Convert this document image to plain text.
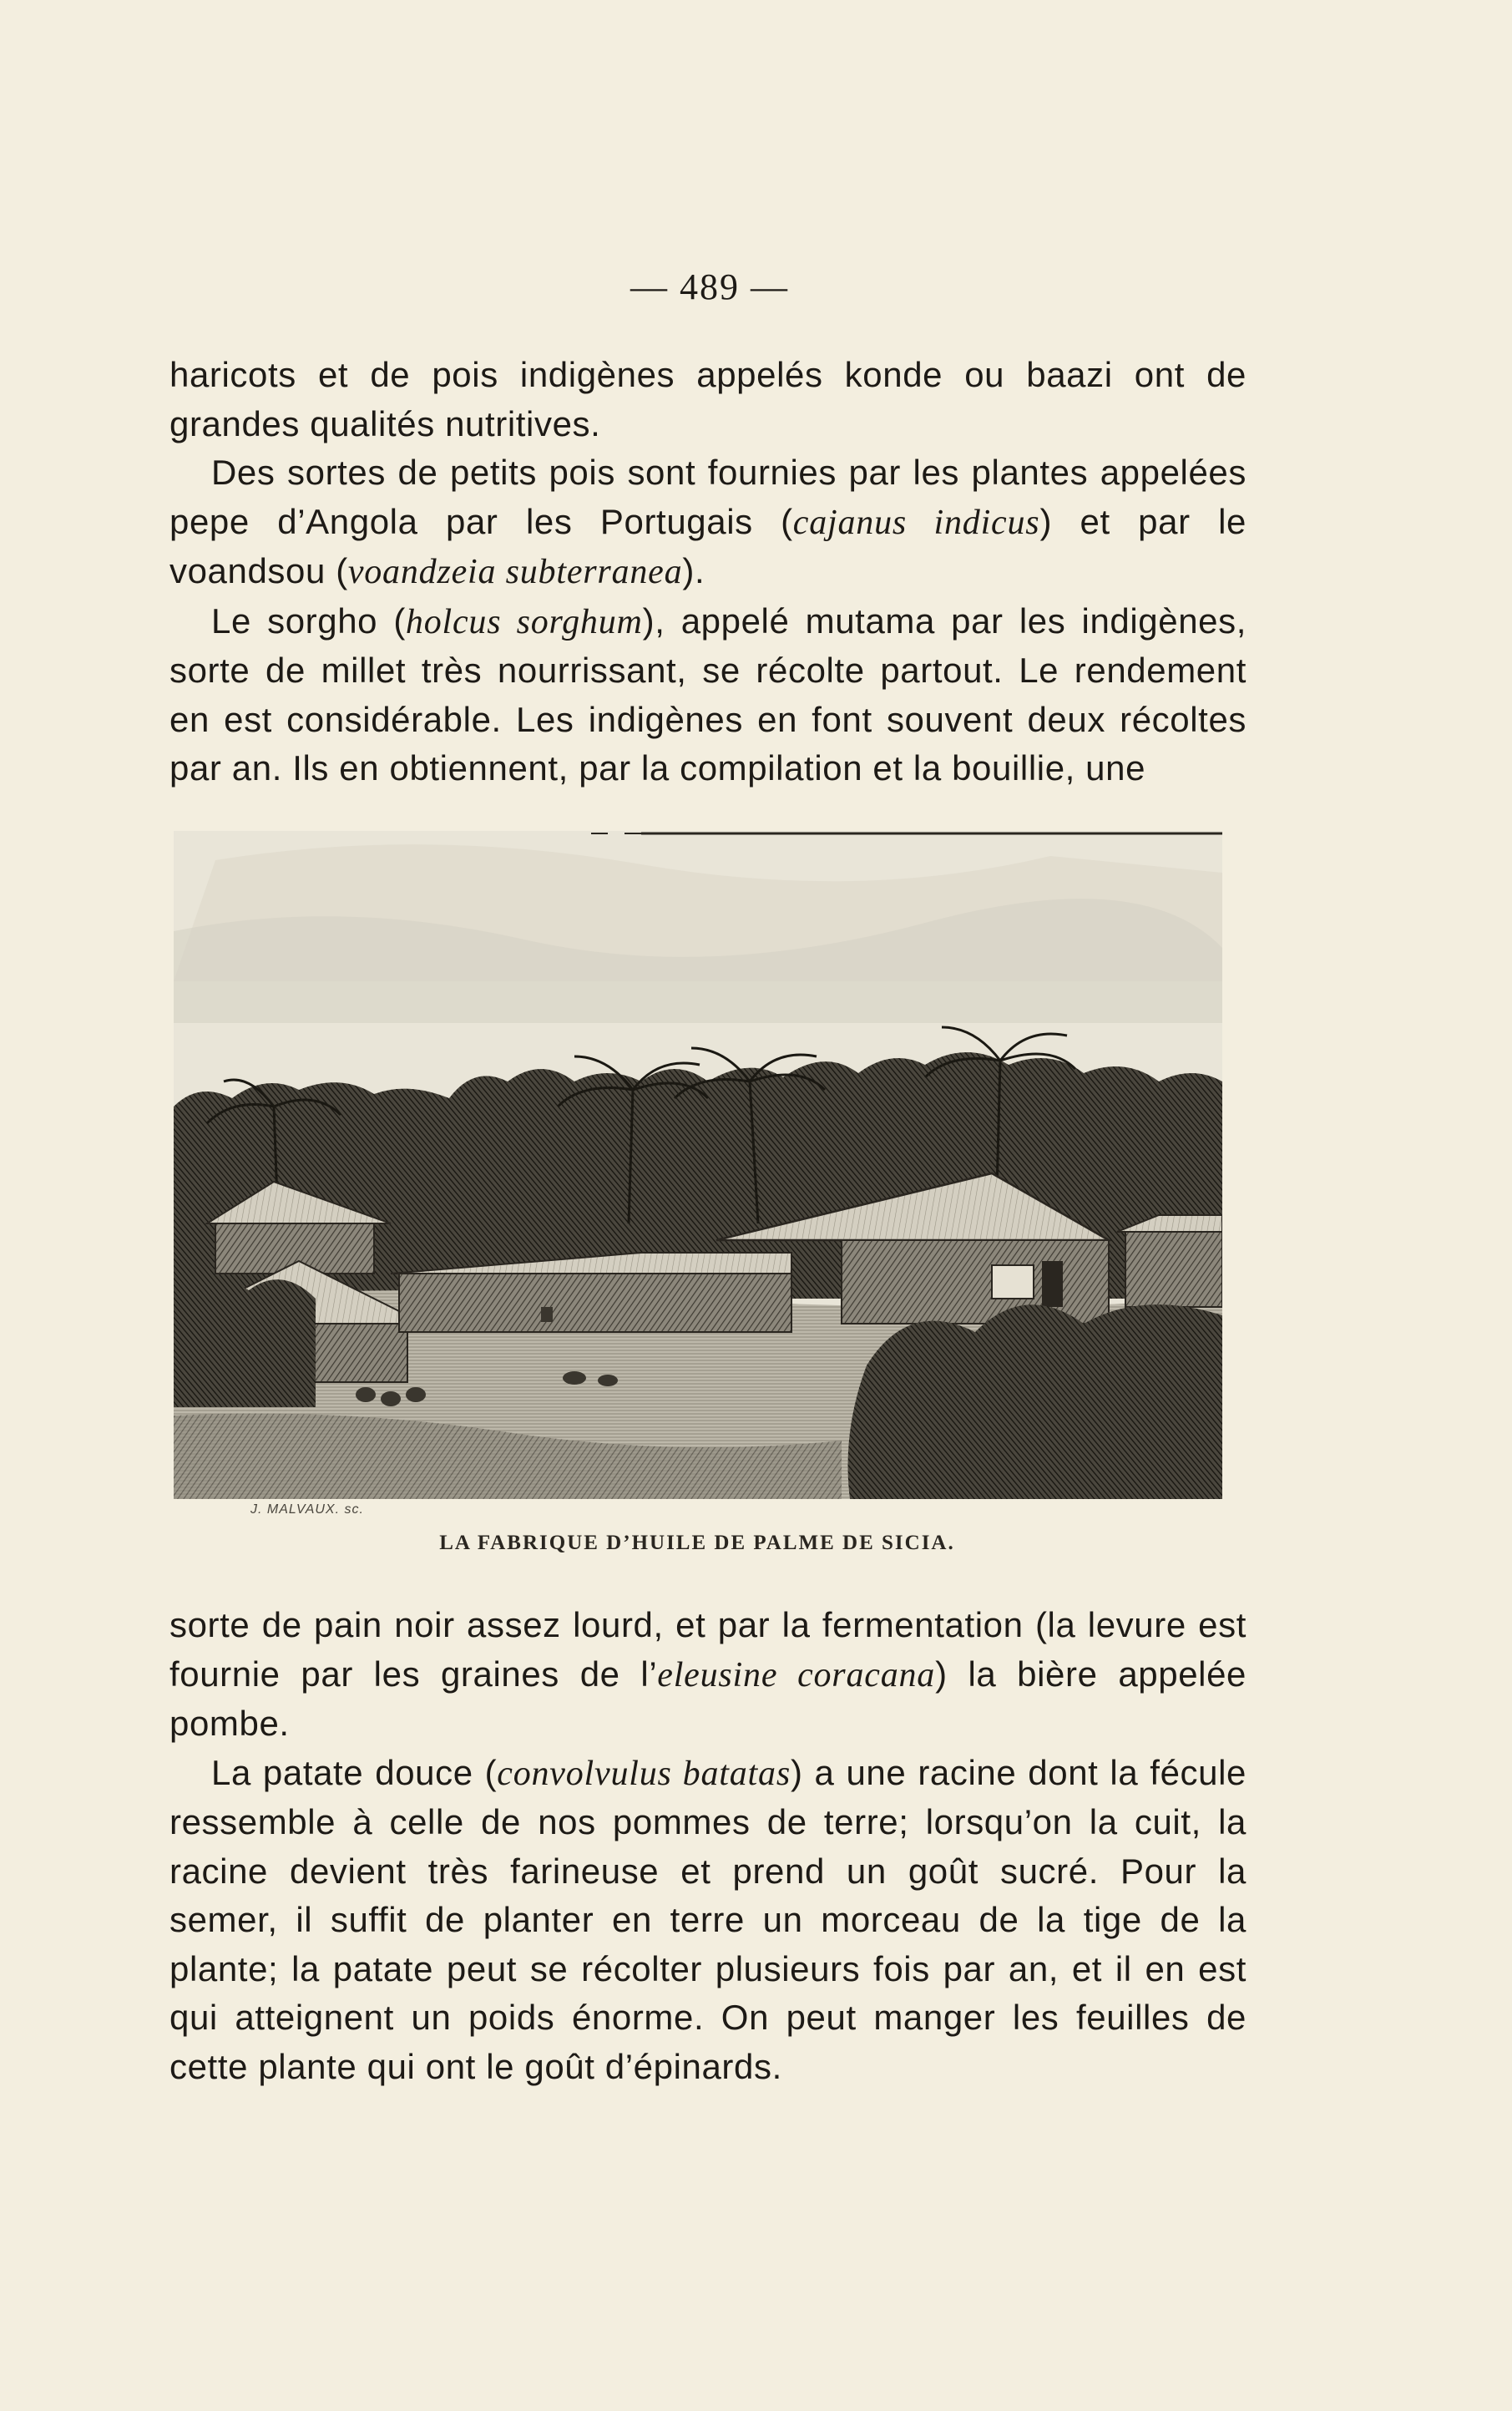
— 489 —

haricots et de pois indigènes appelés konde ou baazi ont de grandes qualités nutritives.

Des sortes de petits pois sont fournies par les plantes appelées pepe d’Angola par les Portugais (cajanus indicus) et par le voandsou (voandzeia subterranea).

Le sorgho (holcus sorghum), appelé mutama par les indigènes, sorte de millet très nourrissant, se récolte partout. Le rendement en est considérable. Les indigènes en font souvent deux récoltes par an. Ils en obtiennent, par la compilation et la bouillie, une

J. MALVAUX. sc.
LA FABRIQUE D’HUILE DE PALME DE SICIA.

sorte de pain noir assez lourd, et par la fermentation (la levure est fournie par les graines de l’eleusine coracana) la bière appelée pombe.

La patate douce (convolvulus batatas) a une racine dont la fécule ressemble à celle de nos pommes de terre; lorsqu’on la cuit, la racine devient très farineuse et prend un goût sucré. Pour la semer, il suffit de planter en terre un morceau de la tige de la plante; la patate peut se récolter plusieurs fois par an, et il en est qui atteignent un poids énorme. On peut manger les feuilles de cette plante qui ont le goût d’épinards.
